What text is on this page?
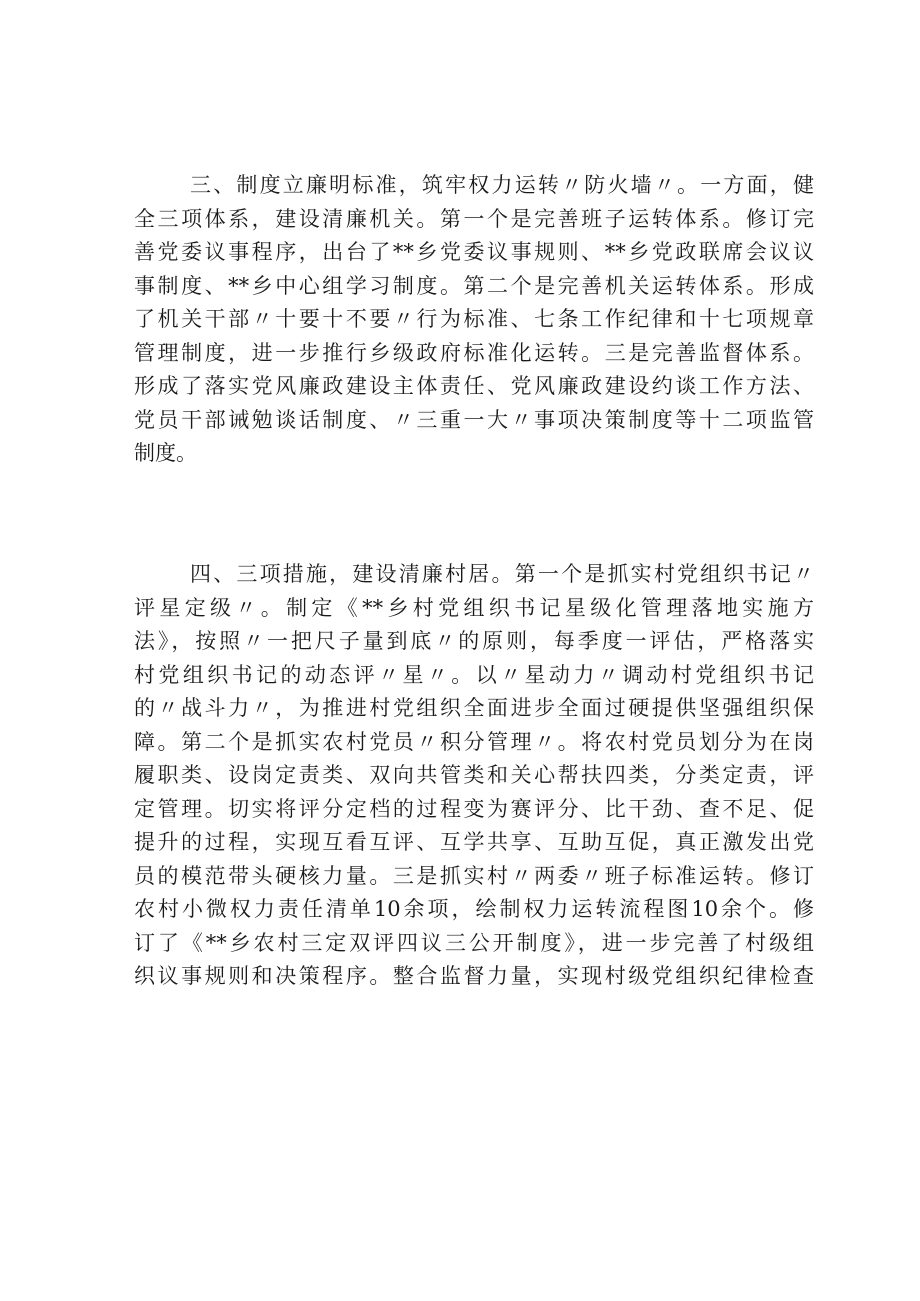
三、制度立廉明标准，筑牢权力运转〃防火墙〃。一方面，健
全三项体系，建设清廉机关。第一个是完善班子运转体系。修订完
善党委议事程序，出台了**乡党委议事规则、**乡党政联席会议议
事制度、**乡中心组学习制度。第二个是完善机关运转体系。形成
了机关干部〃十要十不要〃行为标准、七条工作纪律和十七项规章
管理制度，进一步推行乡级政府标准化运转。三是完善监督体系。
形成了落实党风廉政建设主体责任、党风廉政建设约谈工作方法、
党员干部诫勉谈话制度、〃三重一大〃事项决策制度等十二项监管
制度。

四、三项措施，建设清廉村居。第一个是抓实村党组织书记〃
评星定级〃。制定《**乡村党组织书记星级化管理落地实施方
法》，按照〃一把尺子量到底〃的原则，每季度一评估，严格落实
村党组织书记的动态评〃星〃。以〃星动力〃调动村党组织书记
的〃战斗力〃，为推进村党组织全面进步全面过硬提供坚强组织保
障。第二个是抓实农村党员〃积分管理〃。将农村党员划分为在岗
履职类、设岗定责类、双向共管类和关心帮扶四类，分类定责，评
定管理。切实将评分定档的过程变为赛评分、比干劲、查不足、促
提升的过程，实现互看互评、互学共享、互助互促，真正激发出党
员的模范带头硬核力量。三是抓实村〃两委〃班子标准运转。修订
农村小微权力责任清单10余项，绘制权力运转流程图10余个。修
订了《**乡农村三定双评四议三公开制度》，进一步完善了村级组
织议事规则和决策程序。整合监督力量，实现村级党组织纪律检查
